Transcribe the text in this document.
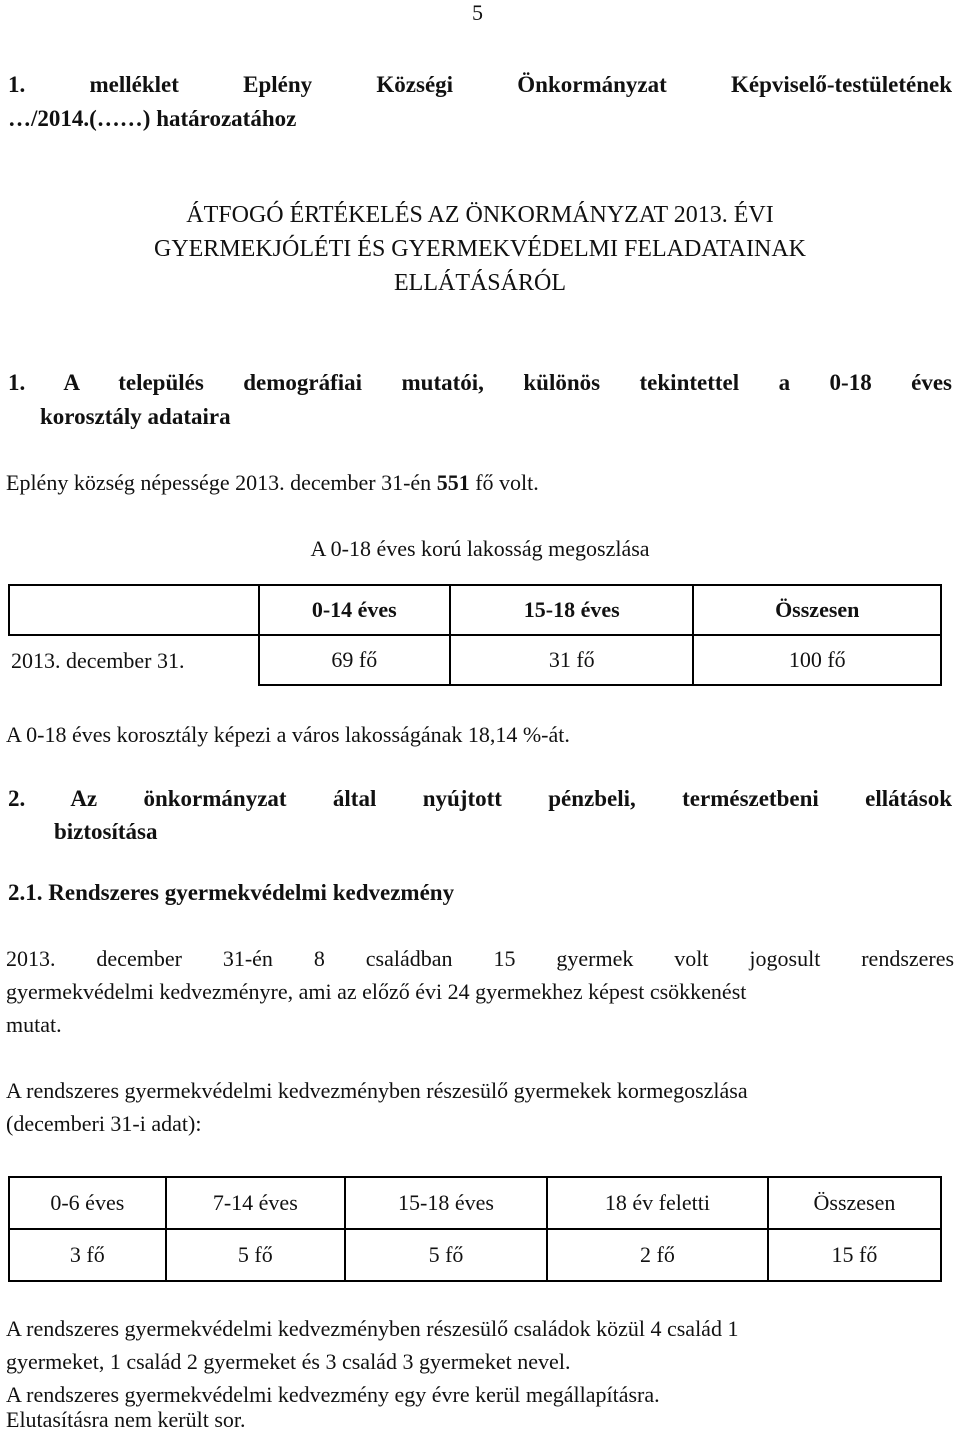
5
1.	melléklet	Eplény	Községi	Önkormányzat	Képviselő-testületének
…/2014.(……) határozatához
ÁTFOGÓ ÉRTÉKELÉS AZ ÖNKORMÁNYZAT 2013. ÉVI
GYERMEKJÓLÉTI ÉS GYERMEKVÉDELMI FELADATAINAK
ELLÁTÁSÁRÓL
1. A település demográfiai mutatói, különös tekintettel a 0-18 éves
korosztály adataira
Eplény község népessége 2013. december 31-én 551 fő volt.
A 0-18 éves korú lakosság megoszlása
	0-14 éves	15-18 éves	Összesen
2013. december 31.	69 fő	31 fő	100 fő
A 0-18 éves korosztály képezi a város lakosságának 18,14 %-át.
2. Az önkormányzat által nyújtott pénzbeli, természetbeni ellátások
biztosítása
2.1. Rendszeres gyermekvédelmi kedvezmény
2013. december 31-én 8 családban 15 gyermek volt jogosult rendszeres
gyermekvédelmi kedvezményre, ami az előző évi 24 gyermekhez képest csökkenést
mutat.
A rendszeres gyermekvédelmi kedvezményben részesülő gyermekek kormegoszlása
(decemberi 31-i adat):
0-6 éves	7-14 éves	15-18 éves	18 év feletti	Összesen
3 fő	5 fő	5 fő	2 fő	15 fő
A rendszeres gyermekvédelmi kedvezményben részesülő családok közül 4 család 1
gyermeket, 1 család 2 gyermeket és 3 család 3 gyermeket nevel.
A rendszeres gyermekvédelmi kedvezmény egy évre kerül megállapításra.
Elutasításra nem került sor.
